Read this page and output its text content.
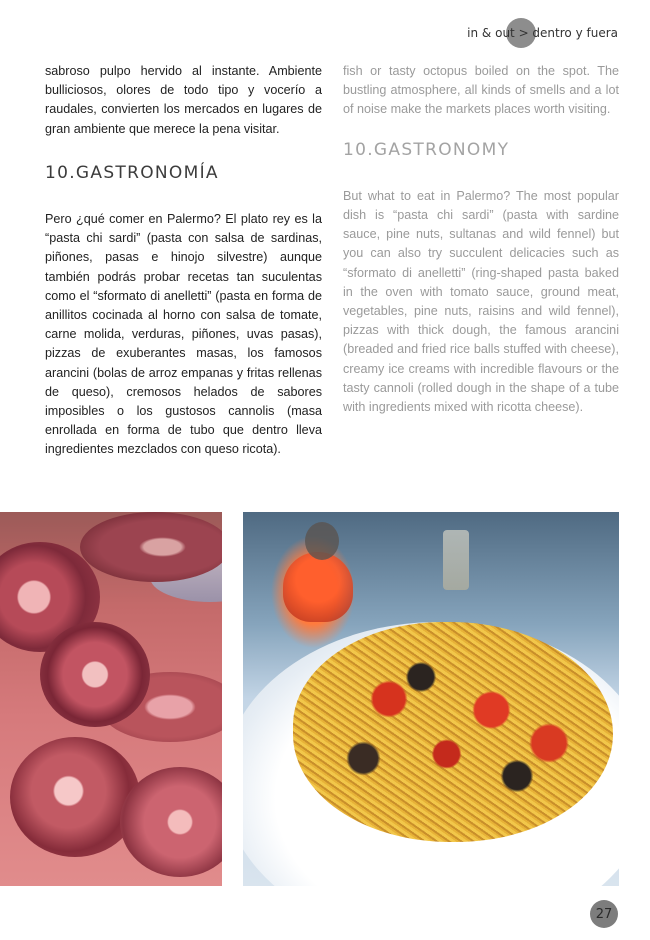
in & out > dentro y fuera

sabroso pulpo hervido al instante. Ambiente bulliciosos, olores de todo tipo y vocerío a raudales, convierten los mercados en lugares de gran ambiente que merece la pena visitar.

10.GASTRONOMÍA

Pero ¿qué comer en Palermo? El plato rey es la “pasta chi sardi” (pasta con salsa de sardinas, piñones, pasas e hinojo silvestre) aunque también podrás probar recetas tan suculentas como el “sformato di anelletti” (pasta en forma de anillitos cocinada al horno con salsa de tomate, carne molida, verduras, piñones, uvas pasas), pizzas de exuberantes masas, los famosos arancini (bolas de arroz empanas y fritas rellenas de queso), cremosos helados de sabores imposibles o los gustosos cannolis (masa enrollada en forma de tubo que dentro lleva ingredientes mezclados con queso ricota).

fish or tasty octopus boiled on the spot. The bustling atmosphere, all kinds of smells and a lot of noise make the markets places worth visiting.

10.GASTRONOMY

But what to eat in Palermo? The most popular dish is “pasta chi sardi” (pasta with sardine sauce, pine nuts, sultanas and wild fennel) but you can also try succulent delicacies such as “sformato di anelletti” (ring-shaped pasta baked in the oven with tomato sauce, ground meat, vegetables, pine nuts, raisins and wild fennel), pizzas with thick dough, the famous arancini (breaded and fried rice balls stuffed with cheese), creamy ice creams with incredible flavours or the tasty cannoli (rolled dough in the shape of a tube with ingredients mixed with ricotta cheese).

27
